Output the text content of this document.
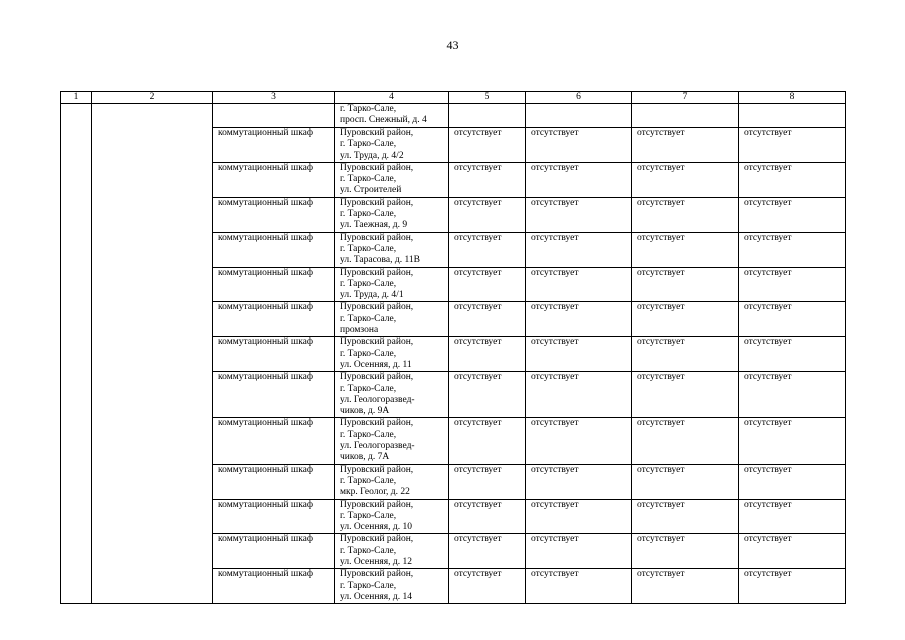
43
1	2	3	4	5	6	7	8

			г. Тарко-Сале,
просп. Снежный, д. 4				

		коммутационный шкаф	Пуровский район,
г. Тарко-Сале,
ул. Труда, д. 4/2	отсутствует	отсутствует	отсутствует	отсутствует
		коммутационный шкаф	Пуровский район,
г. Тарко-Сале,
ул. Строителей	отсутствует	отсутствует	отсутствует	отсутствует
		коммутационный шкаф	Пуровский район,
г. Тарко-Сале,
ул. Таежная, д. 9	отсутствует	отсутствует	отсутствует	отсутствует
		коммутационный шкаф	Пуровский район,
г. Тарко-Сале,
ул. Тарасова, д. 11В	отсутствует	отсутствует	отсутствует	отсутствует
		коммутационный шкаф	Пуровский район,
г. Тарко-Сале,
ул. Труда, д. 4/1	отсутствует	отсутствует	отсутствует	отсутствует
		коммутационный шкаф	Пуровский район,
г. Тарко-Сале,
промзона	отсутствует	отсутствует	отсутствует	отсутствует
		коммутационный шкаф	Пуровский район,
г. Тарко-Сале,
ул. Осенняя, д. 11	отсутствует	отсутствует	отсутствует	отсутствует
		коммутационный шкаф	Пуровский район,
г. Тарко-Сале,
ул. Геологоразвед-
чиков, д. 9А	отсутствует	отсутствует	отсутствует	отсутствует
		коммутационный шкаф	Пуровский район,
г. Тарко-Сале,
ул. Геологоразвед-
чиков, д. 7А	отсутствует	отсутствует	отсутствует	отсутствует
		коммутационный шкаф	Пуровский район,
г. Тарко-Сале,
мкр. Геолог, д. 22	отсутствует	отсутствует	отсутствует	отсутствует
		коммутационный шкаф	Пуровский район,
г. Тарко-Сале,
ул. Осенняя, д. 10	отсутствует	отсутствует	отсутствует	отсутствует
		коммутационный шкаф	Пуровский район,
г. Тарко-Сале,
ул. Осенняя, д. 12	отсутствует	отсутствует	отсутствует	отсутствует
		коммутационный шкаф	Пуровский район,
г. Тарко-Сале,
ул. Осенняя, д. 14	отсутствует	отсутствует	отсутствует	отсутствует
